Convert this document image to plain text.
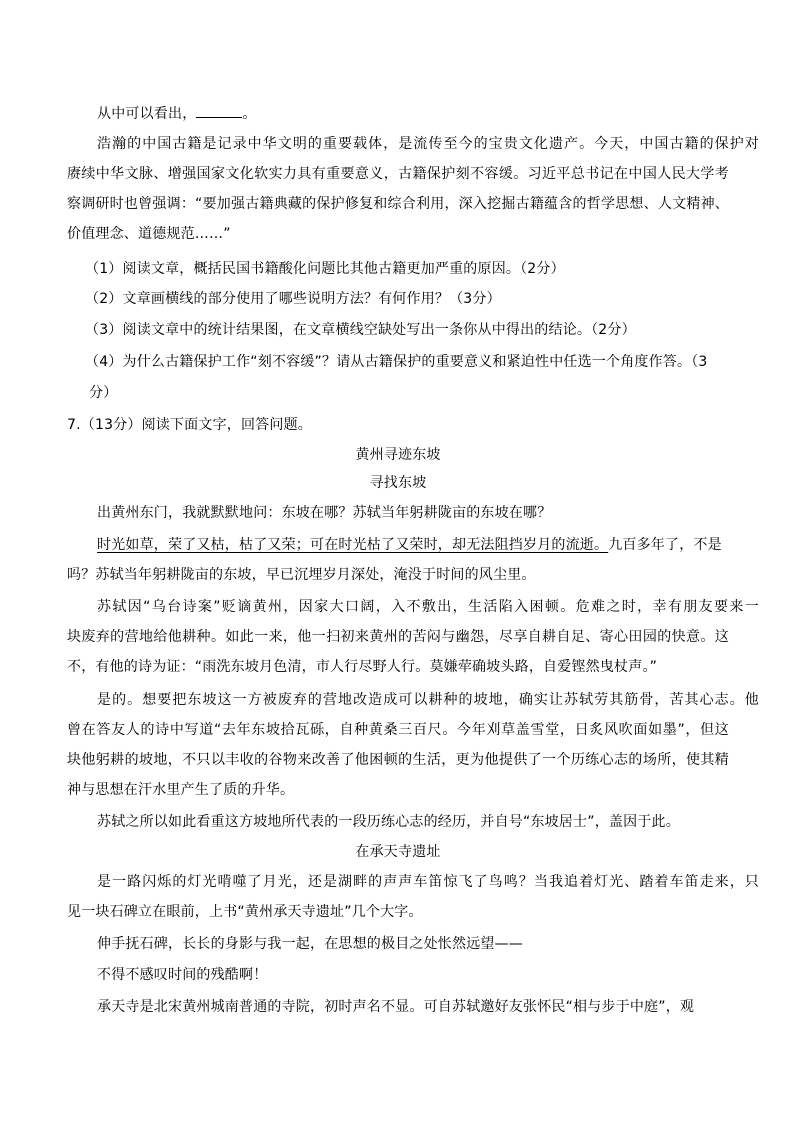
从中可以看出，	。
浩瀚的中国古籍是记录中华文明的重要载体，是流传至今的宝贵文化遗产。今天，中国古籍的保护对
赓续中华文脉、增强国家文化软实力具有重要意义，古籍保护刻不容缓。习近平总书记在中国人民大学考
察调研时也曾强调：“要加强古籍典藏的保护修复和综合利用，深入挖掘古籍蕴含的哲学思想、人文精神、
价值理念、道德规范……”
（1）阅读文章，概括民国书籍酸化问题比其他古籍更加严重的原因。（2分）
（2）文章画横线的部分使用了哪些说明方法？有何作用？（3分）
（3）阅读文章中的统计结果图，在文章横线空缺处写出一条你从中得出的结论。（2分）
（4）为什么古籍保护工作“刻不容缓”？请从古籍保护的重要意义和紧迫性中任选一个角度作答。（3
分）
7.（13分）阅读下面文字，回答问题。
黄州寻迹东坡
寻找东坡
出黄州东门，我就默默地问：东坡在哪？苏轼当年躬耕陇亩的东坡在哪？
时光如草，荣了又枯，枯了又荣；可在时光枯了又荣时，却无法阻挡岁月的流逝。九百多年了，不是
吗？苏轼当年躬耕陇亩的东坡，早已沉埋岁月深处，淹没于时间的风尘里。
苏轼因“乌台诗案”贬谪黄州，因家大口阔，入不敷出，生活陷入困顿。危难之时，幸有朋友要来一
块废弃的营地给他耕种。如此一来，他一扫初来黄州的苦闷与幽怨，尽享自耕自足、寄心田园的快意。这
不，有他的诗为证：“雨洗东坡月色清，市人行尽野人行。莫嫌荦确坡头路，自爱铿然曳杖声。”
是的。想要把东坡这一方被废弃的营地改造成可以耕种的坡地，确实让苏轼劳其筋骨，苦其心志。他
曾在答友人的诗中写道“去年东坡拾瓦砾，自种黄桑三百尺。今年刈草盖雪堂，日炙风吹面如墨”，但这
块他躬耕的坡地，不只以丰收的谷物来改善了他困顿的生活，更为他提供了一个历练心志的场所，使其精
神与思想在汗水里产生了质的升华。
苏轼之所以如此看重这方坡地所代表的一段历练心志的经历，并自号“东坡居士”，盖因于此。
在承天寺遗址
是一路闪烁的灯光啃噬了月光，还是湖畔的声声车笛惊飞了鸟鸣？当我追着灯光、踏着车笛走来，只
见一块石碑立在眼前，上书“黄州承天寺遗址”几个大字。
伸手抚石碑，长长的身影与我一起，在思想的极目之处怅然远望——
不得不感叹时间的残酷啊！
承天寺是北宋黄州城南普通的寺院，初时声名不显。可自苏轼邀好友张怀民“相与步于中庭”，观
